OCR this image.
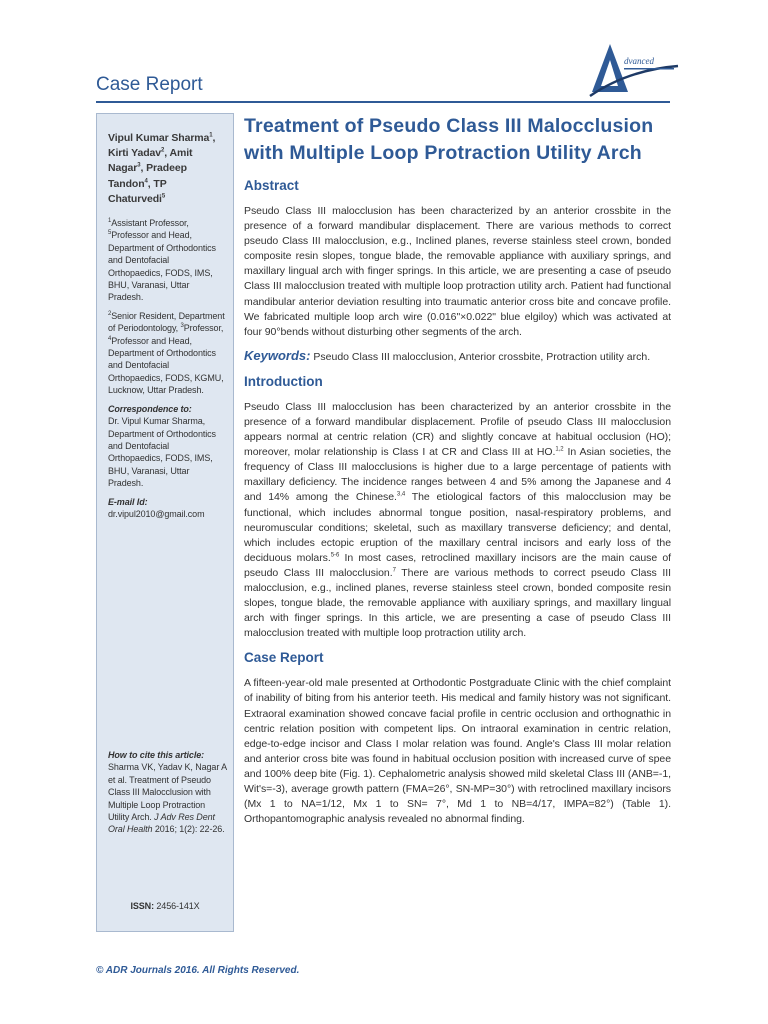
Case Report
dvanced
Vipul Kumar Sharma$^1$, Kirti Yadav$^2$, Amit Nagar$^3$, Pradeep Tandon$^4$, TP Chaturvedi$^5$

$^1$Assistant Professor, $^5$Professor and Head, Department of Orthodontics and Dentofacial Orthopaedics, FODS, IMS, BHU, Varanasi, Uttar Pradesh.

$^2$Senior Resident, Department of Periodontology, $^3$Professor, $^4$Professor and Head, Department of Orthodontics and Dentofacial Orthopaedics, FODS, KGMU, Lucknow, Uttar Pradesh.

Correspondence to:
Dr. Vipul Kumar Sharma, Department of Orthodontics and Dentofacial Orthopaedics, FODS, IMS, BHU, Varanasi, Uttar Pradesh.

E-mail Id:
dr.vipul2010@gmail.com

How to cite this article:
Sharma VK, Yadav K, Nagar A et al. Treatment of Pseudo Class III Malocclusion with Multiple Loop Protraction Utility Arch. J Adv Res Dent Oral Health 2016; 1(2): 22-26.
ISSN: 2456-141X
Treatment of Pseudo Class III Malocclusion with Multiple Loop Protraction Utility Arch
Abstract

Pseudo Class III malocclusion has been characterized by an anterior crossbite in the presence of a forward mandibular displacement. There are various methods to correct pseudo Class III malocclusion, e.g., Inclined planes, reverse stainless steel crown, bonded composite resin slopes, tongue blade, the removable appliance with auxiliary springs, and maxillary lingual arch with finger springs. In this article, we are presenting a case of pseudo Class III malocclusion treated with multiple loop protraction utility arch. Patient had functional mandibular anterior deviation resulting into traumatic anterior cross bite and concave profile. We fabricated multiple loop arch wire (0.016"×0.022" blue elgiloy) which was activated at four 90°bends without disturbing other segments of the arch.

Keywords: Pseudo Class III malocclusion, Anterior crossbite, Protraction utility arch.

Introduction

Pseudo Class III malocclusion has been characterized by an anterior crossbite in the presence of a forward mandibular displacement. Profile of pseudo Class III malocclusion appears normal at centric relation (CR) and slightly concave at habitual occlusion (HO); moreover, molar relationship is Class I at CR and Class III at HO.$^{1,2}$ In Asian societies, the frequency of Class III malocclusions is higher due to a large percentage of patients with maxillary deficiency. The incidence ranges between 4 and 5% among the Japanese and 4 and 14% among the Chinese.$^{3,4}$ The etiological factors of this malocclusion may be functional, which includes abnormal tongue position, nasal-respiratory problems, and neuromuscular conditions; skeletal, such as maxillary transverse deficiency; and dental, which includes ectopic eruption of the maxillary central incisors and early loss of the deciduous molars.$^{5-6}$ In most cases, retroclined maxillary incisors are the main cause of pseudo Class III malocclusion.$^7$ There are various methods to correct pseudo Class III malocclusion, e.g., inclined planes, reverse stainless steel crown, bonded composite resin slopes, tongue blade, the removable appliance with auxiliary springs, and maxillary lingual arch with finger springs. In this article, we are presenting a case of pseudo Class III malocclusion treated with multiple loop protraction utility arch.

Case Report

A fifteen-year-old male presented at Orthodontic Postgraduate Clinic with the chief complaint of inability of biting from his anterior teeth. His medical and family history was not significant. Extraoral examination showed concave facial profile in centric occlusion and orthognathic in centric relation position with competent lips. On intraoral examination in centric relation, edge-to-edge incisor and Class I molar relation was found. Angle's Class III molar relation and anterior cross bite was found in habitual occlusion position with increased curve of spee and 100% deep bite (Fig. 1). Cephalometric analysis showed mild skeletal Class III (ANB=-1, Wit's=-3), average growth pattern (FMA=26°, SN-MP=30°) with retroclined maxillary incisors (Mx 1 to NA=1/12, Mx 1 to SN= 7°, Md 1 to NB=4/17, IMPA=82°) (Table 1). Orthopantomographic analysis revealed no abnormal finding.

© ADR Journals 2016. All Rights Reserved.
